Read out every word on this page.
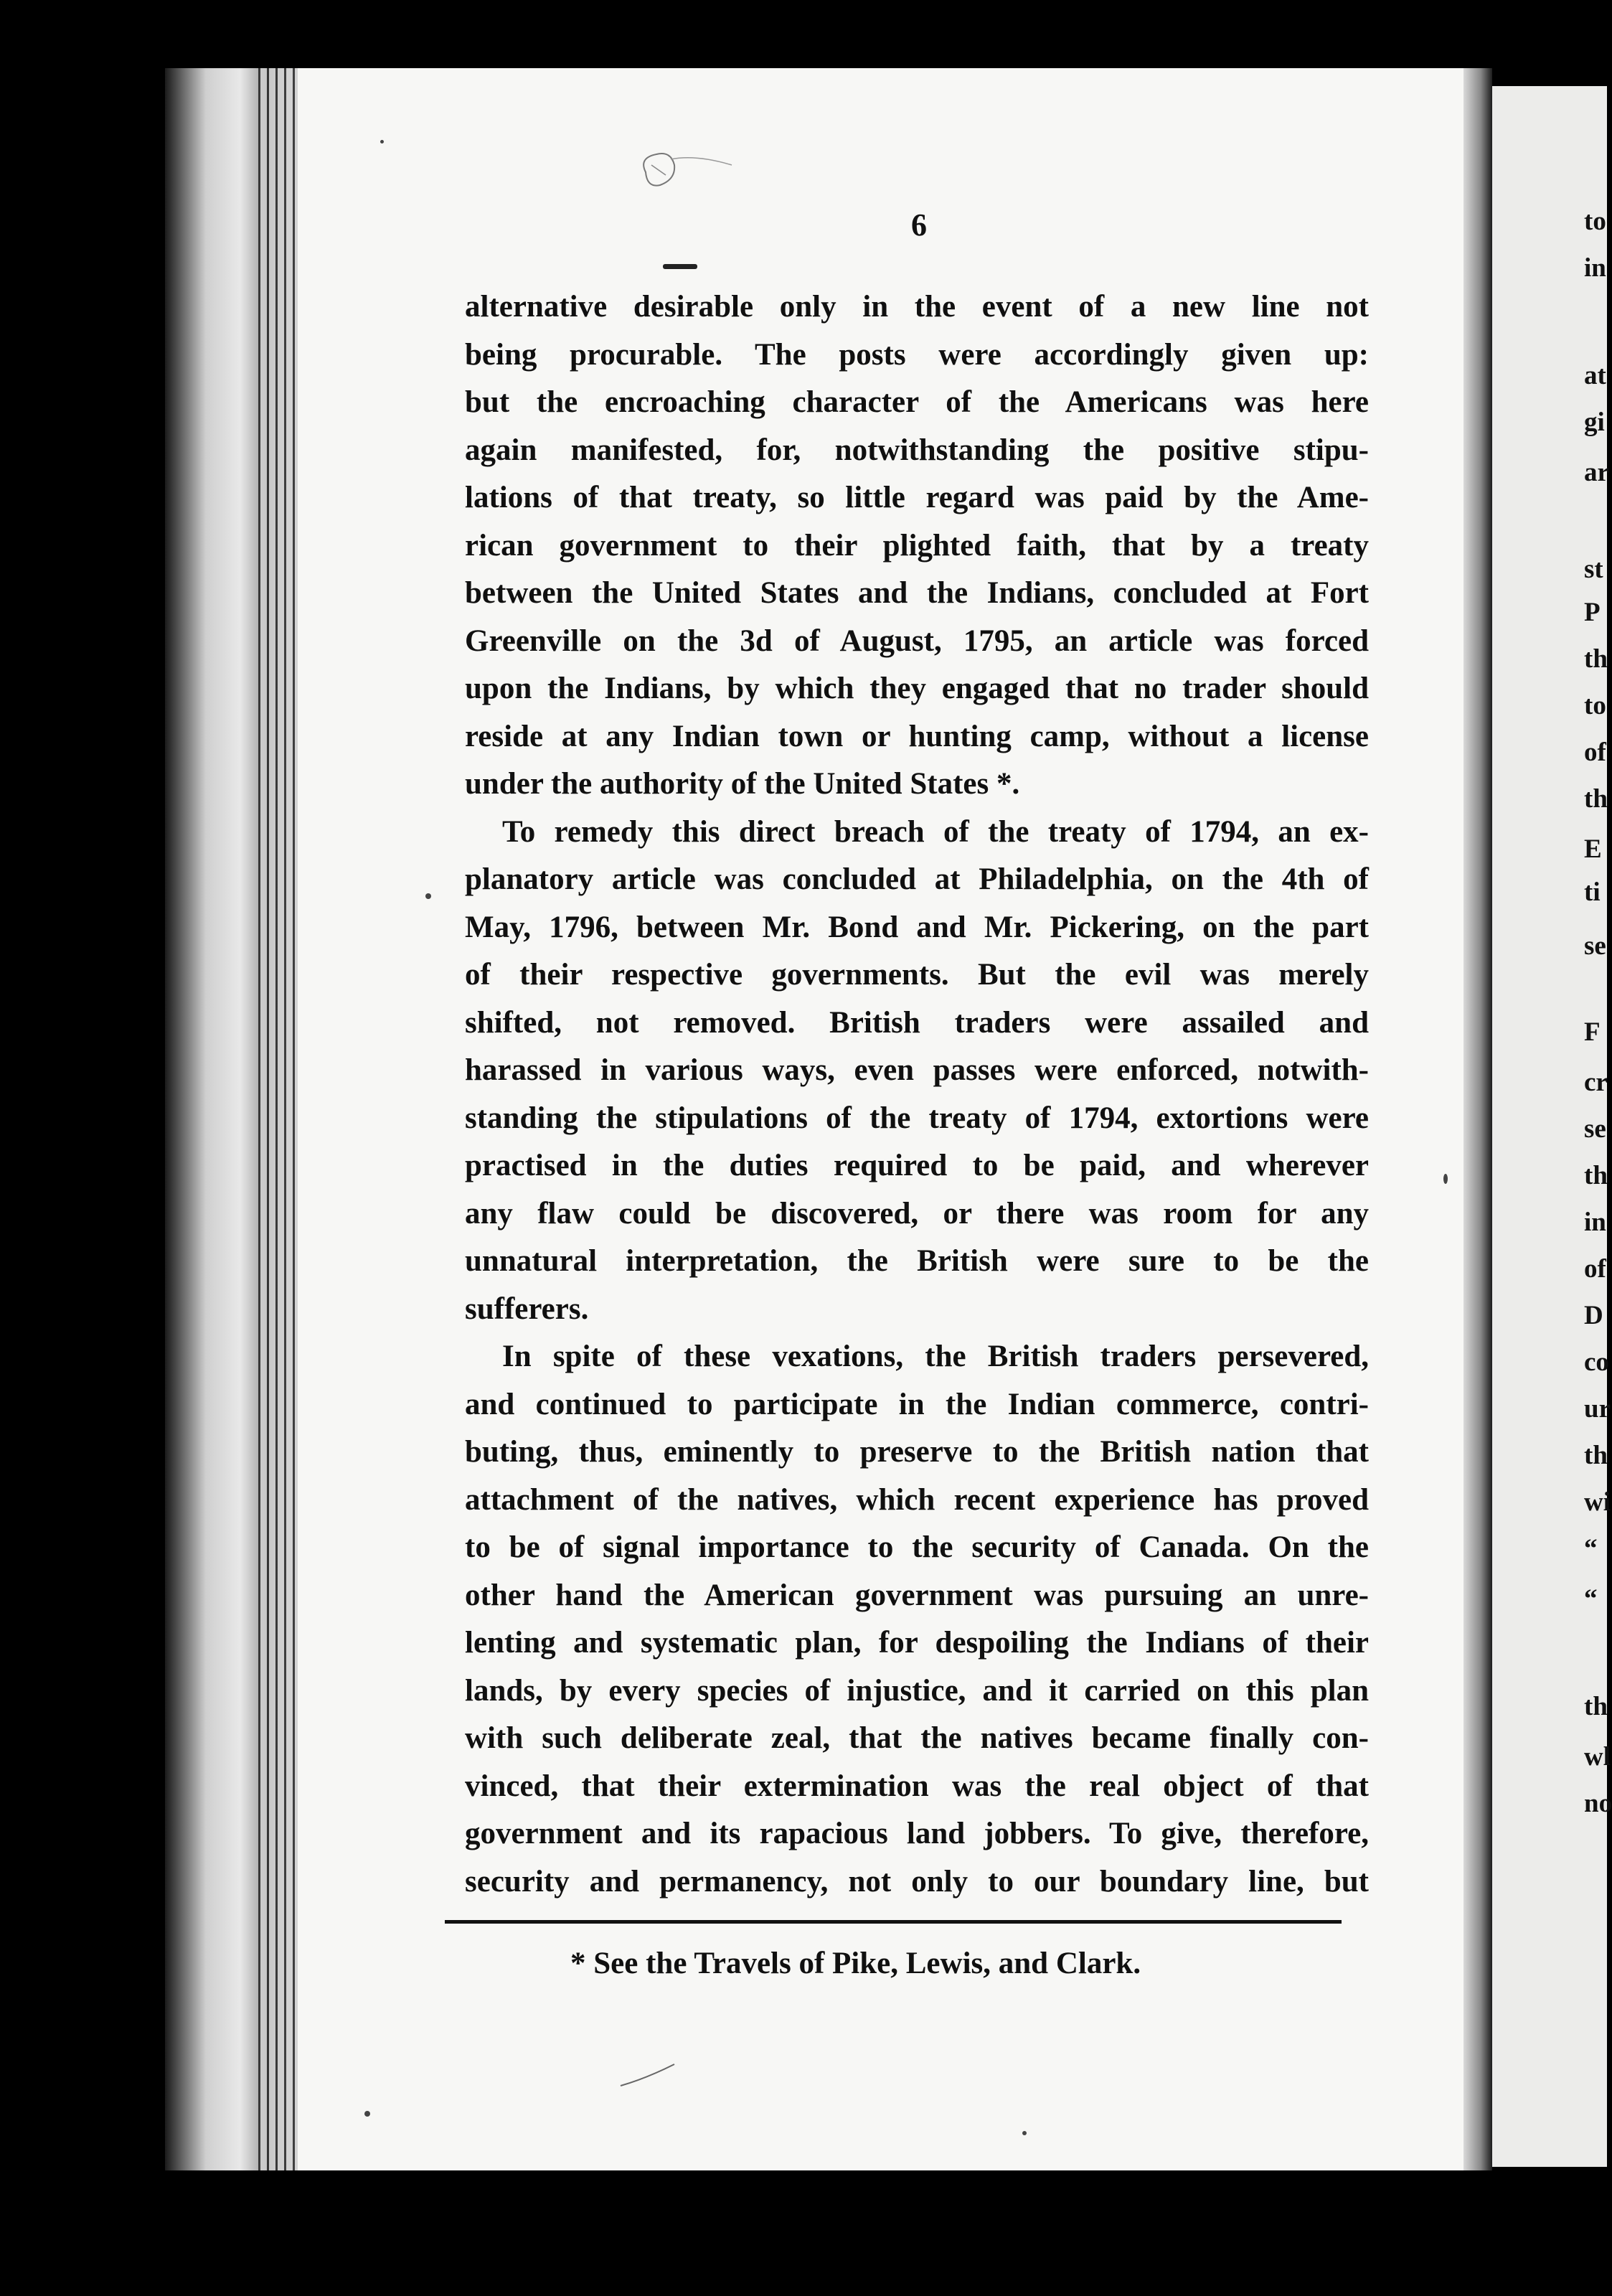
to
in
at
gi
ar
st
P
th
to
of
th
E
ti
se
F
cr
se
th
in
of
D
co
ur
th
wi
“
“
th
wl
no
6
alternative desirable only in the event of a new line not
being procurable. The posts were accordingly given up:
but the encroaching character of the Americans was here
again manifested, for, notwithstanding the positive stipu-
lations of that treaty, so little regard was paid by the Ame-
rican government to their plighted faith, that by a treaty
between the United States and the Indians, concluded at Fort
Greenville on the 3d of August, 1795, an article was forced
upon the Indians, by which they engaged that no trader should
reside at any Indian town or hunting camp, without a license
under the authority of the United States *.
To remedy this direct breach of the treaty of 1794, an ex-
planatory article was concluded at Philadelphia, on the 4th of
May, 1796, between Mr. Bond and Mr. Pickering, on the part
of their respective governments. But the evil was merely
shifted, not removed. British traders were assailed and
harassed in various ways, even passes were enforced, notwith-
standing the stipulations of the treaty of 1794, extortions were
practised in the duties required to be paid, and wherever
any flaw could be discovered, or there was room for any
unnatural interpretation, the British were sure to be the
sufferers.
In spite of these vexations, the British traders persevered,
and continued to participate in the Indian commerce, contri-
buting, thus, eminently to preserve to the British nation that
attachment of the natives, which recent experience has proved
to be of signal importance to the security of Canada. On the
other hand the American government was pursuing an unre-
lenting and systematic plan, for despoiling the Indians of their
lands, by every species of injustice, and it carried on this plan
with such deliberate zeal, that the natives became finally con-
vinced, that their extermination was the real object of that
government and its rapacious land jobbers. To give, therefore,
security and permanency, not only to our boundary line, but
* See the Travels of Pike, Lewis, and Clark.
